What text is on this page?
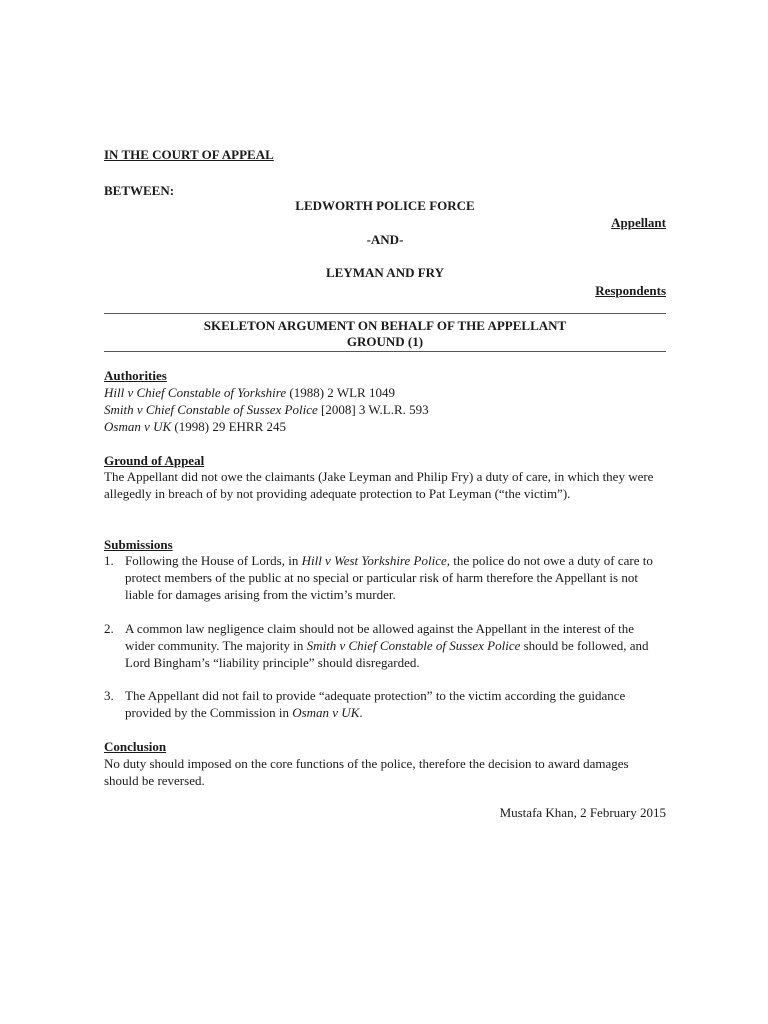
IN THE COURT OF APPEAL
BETWEEN:
LEDWORTH POLICE FORCE
Appellant
-AND-
LEYMAN AND FRY
Respondents
SKELETON ARGUMENT ON BEHALF OF THE APPELLANT
GROUND (1)
Authorities

Hill v Chief Constable of Yorkshire (1988) 2 WLR 1049

Smith v Chief Constable of Sussex Police [2008] 3 W.L.R. 593

Osman v UK (1998) 29 EHRR 245

Ground of Appeal
The Appellant did not owe the claimants (Jake Leyman and Philip Fry) a duty of care, in which they were allegedly in breach of by not providing adequate protection to Pat Leyman (“the victim”).
Submissions
1. Following the House of Lords, in Hill v West Yorkshire Police, the police do not owe a duty of care to protect members of the public at no special or particular risk of harm therefore the Appellant is not liable for damages arising from the victim’s murder.
2. A common law negligence claim should not be allowed against the Appellant in the interest of the wider community. The majority in Smith v Chief Constable of Sussex Police should be followed, and Lord Bingham’s “liability principle” should disregarded.
3. The Appellant did not fail to provide “adequate protection” to the victim according the guidance provided by the Commission in Osman v UK.
Conclusion
No duty should imposed on the core functions of the police, therefore the decision to award damages should be reversed.
Mustafa Khan, 2 February 2015
